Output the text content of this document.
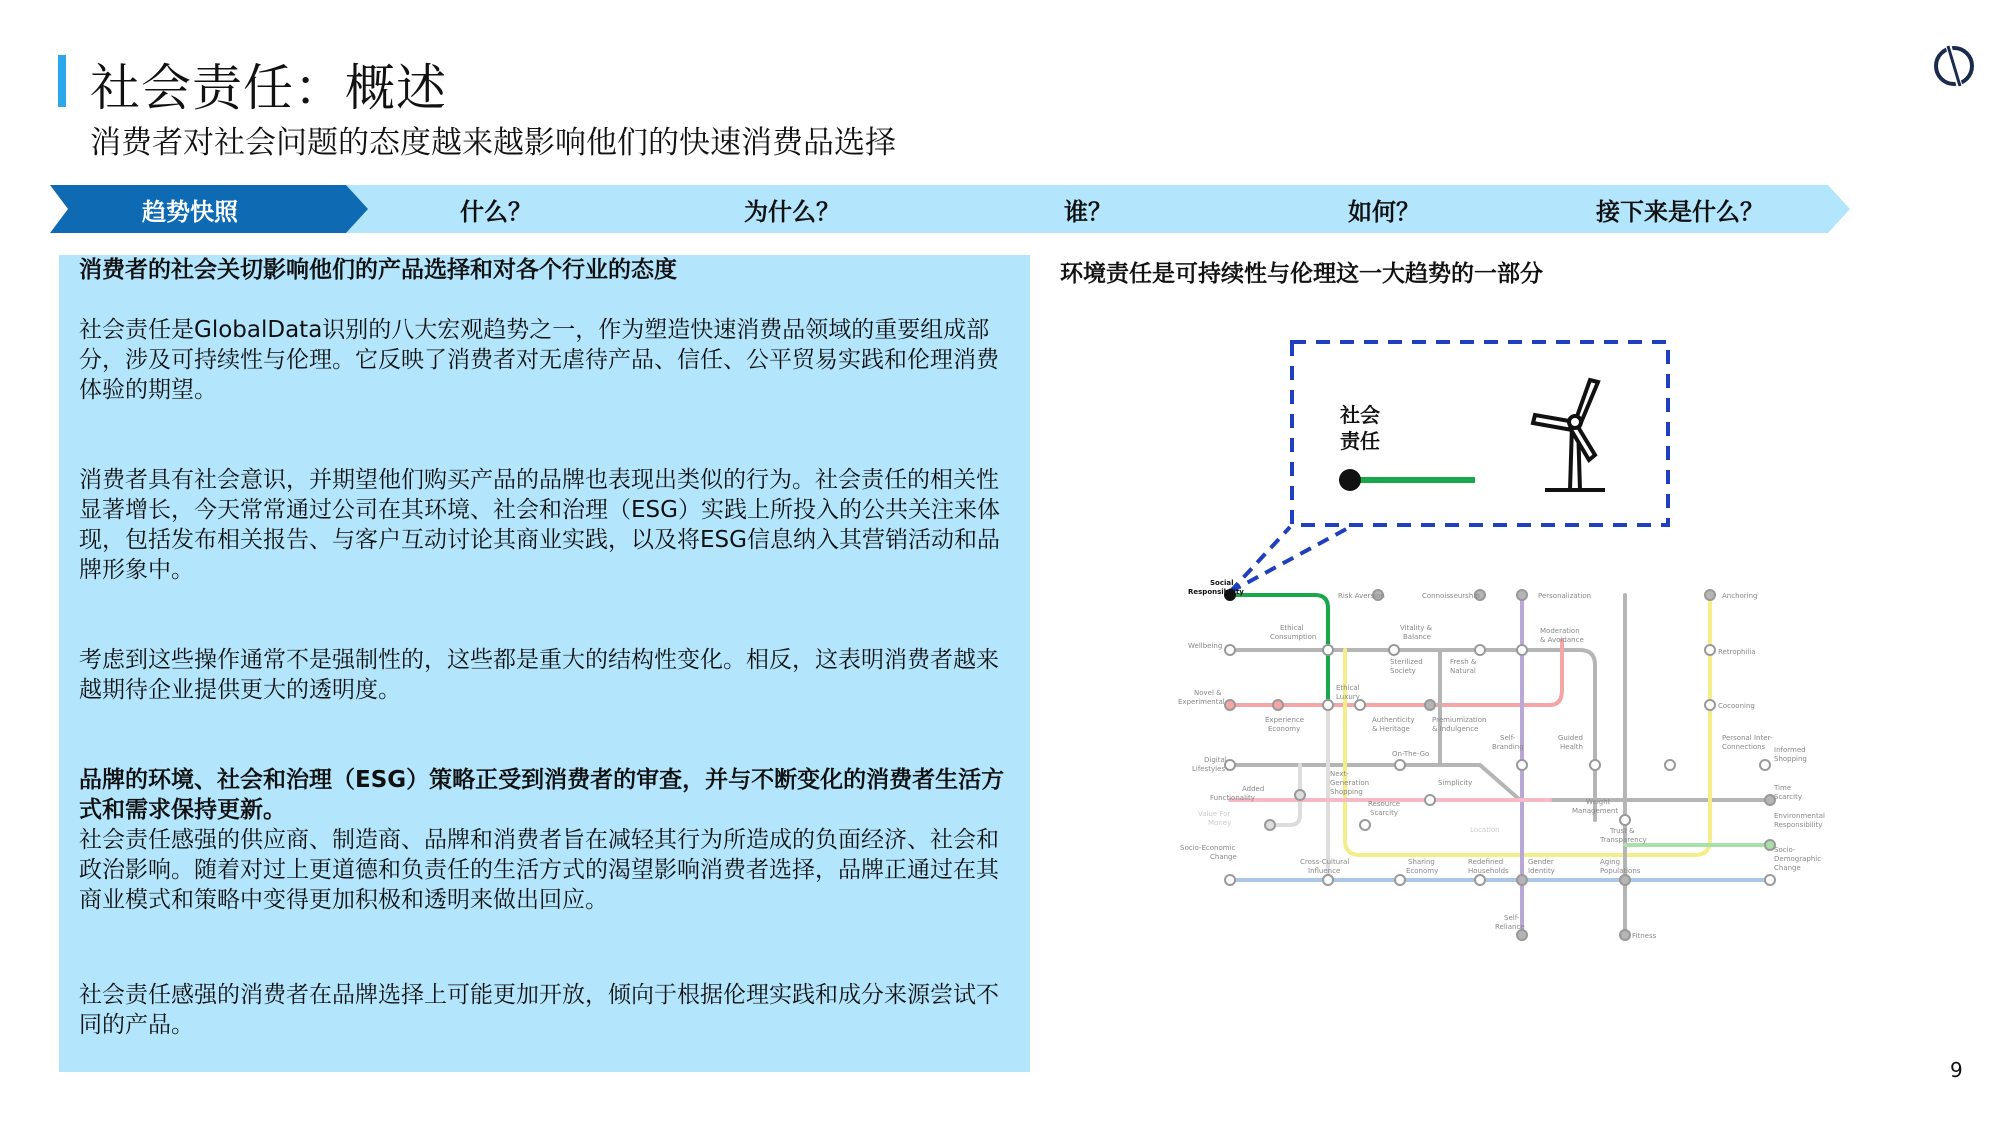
社会责任：概述
消费者对社会问题的态度越来越影响他们的快速消费品选择
趋势快照	什么？	为什么？	谁？	如何？	接下来是什么？
消费者的社会关切影响他们的产品选择和对各个行业的态度
社会责任是GlobalData识别的八大宏观趋势之一，作为塑造快速消费品领域的重要组成部分，涉及可持续性与伦理。它反映了消费者对无虐待产品、信任、公平贸易实践和伦理消费体验的期望。
消费者具有社会意识，并期望他们购买产品的品牌也表现出类似的行为。社会责任的相关性显著增长，今天常常通过公司在其环境、社会和治理（ESG）实践上所投入的公共关注来体现，包括发布相关报告、与客户互动讨论其商业实践，以及将ESG信息纳入其营销活动和品牌形象中。
考虑到这些操作通常不是强制性的，这些都是重大的结构性变化。相反，这表明消费者越来越期待企业提供更大的透明度。
品牌的环境、社会和治理（ESG）策略正受到消费者的审查，并与不断变化的消费者生活方式和需求保持更新。
社会责任感强的供应商、制造商、品牌和消费者旨在减轻其行为所造成的负面经济、社会和政治影响。随着对过上更道德和负责任的生活方式的渴望影响消费者选择，品牌正通过在其商业模式和策略中变得更加积极和透明来做出回应。
社会责任感强的消费者在品牌选择上可能更加开放，倾向于根据伦理实践和成分来源尝试不同的产品。
环境责任是可持续性与伦理这一大趋势的一部分
社会
责任
Social
Responsibility	Risk Aversion	Connoisseurship	Personalization	Anchoring
Ethical
Consumption
Vitality &
Balance
Moderation
& Avoidance
Wellbeing
Retrophilia
Sterilized
Society
Fresh &
Natural
Ethical
Luxury
Novel &
Experimental	Cocooning
Experience
Economy
Authenticity
& Heritage
Premiumization
& Indulgence
On-The-Go
Self-
Branding
Guided
Health
Personal Inter-
Connections Informed
Shopping
Digital
Lifestyles
Next-
Generation
Shopping
Simplicity
Added
Functionality
Time
Scarcity
Resource
Scarcity
Weight
Management
Value For
Money
Location
Environmental
Responsibility
Trust &
Transparency
Socio-Economic
Change
Cross-Cultural
Influence
Sharing
Economy
Redefined
Households
Gender
Identity
Aging
Populations
Socio-
Demographic
Change
Self-
Reliance
Fitness
9
